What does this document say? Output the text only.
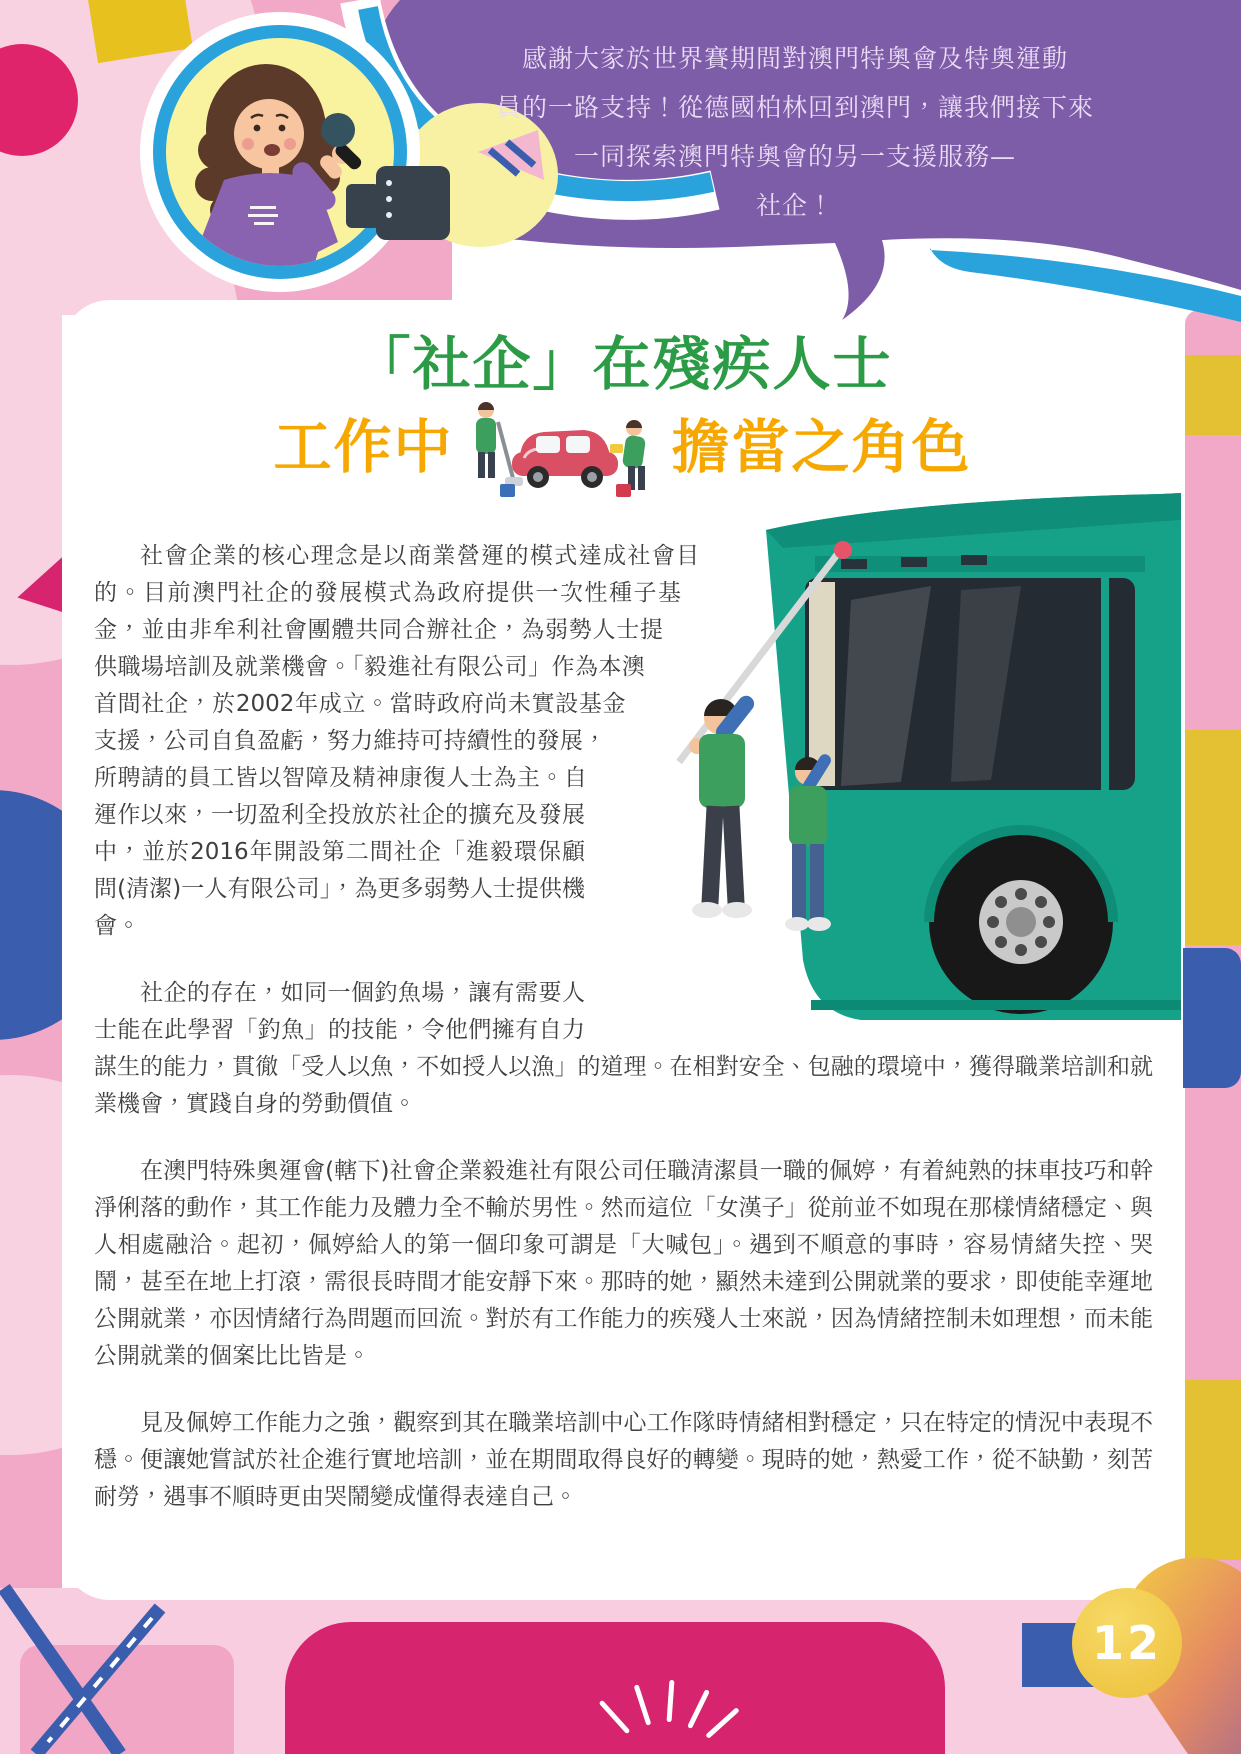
「社企」在殘疾人士
工作中	擔當之角色

社會企業的核心理念是以商業營運的模式達成社會目的。目前澳門社企的發展模式為政府提供一次性種子基金，並由非牟利社會團體共同合辦社企，為弱勢人士提供職場培訓及就業機會。「毅進社有限公司」作為本澳首間社企，於2002年成立。當時政府尚未實設基金支援，公司自負盈虧，努力維持可持續性的發展，所聘請的員工皆以智障及精神康復人士為主。自運作以來，一切盈利全投放於社企的擴充及發展中，並於2016年開設第二間社企「進毅環保顧問(清潔)一人有限公司」，為更多弱勢人士提供機會。

社企的存在，如同一個釣魚場，讓有需要人士能在此學習「釣魚」的技能，令他們擁有自力謀生的能力，貫徹「受人以魚，不如授人以漁」的道理。在相對安全、包融的環境中，獲得職業培訓和就業機會，實踐自身的勞動價值。

在澳門特殊奧運會(轄下)社會企業毅進社有限公司任職清潔員一職的佩婷，有着純熟的抹車技巧和幹淨俐落的動作，其工作能力及體力全不輸於男性。然而這位「女漢子」從前並不如現在那樣情緒穩定、與人相處融洽。起初，佩婷給人的第一個印象可謂是「大喊包」。遇到不順意的事時，容易情緒失控、哭鬧，甚至在地上打滾，需很長時間才能安靜下來。那時的她，顯然未達到公開就業的要求，即使能幸運地公開就業，亦因情緒行為問題而回流。對於有工作能力的疾殘人士來説，因為情緒控制未如理想，而未能公開就業的個案比比皆是。

見及佩婷工作能力之強，觀察到其在職業培訓中心工作隊時情緒相對穩定，只在特定的情況中表現不穩。便讓她嘗試於社企進行實地培訓，並在期間取得良好的轉變。現時的她，熱愛工作，從不缺勤，刻苦耐勞，遇事不順時更由哭鬧變成懂得表達自己。

感謝大家於世界賽期間對澳門特奧會及特奧運動
員的一路支持！從德國柏林回到澳門，讓我們接下來
一同探索澳門特奧會的另一支援服務—
社企！
12
